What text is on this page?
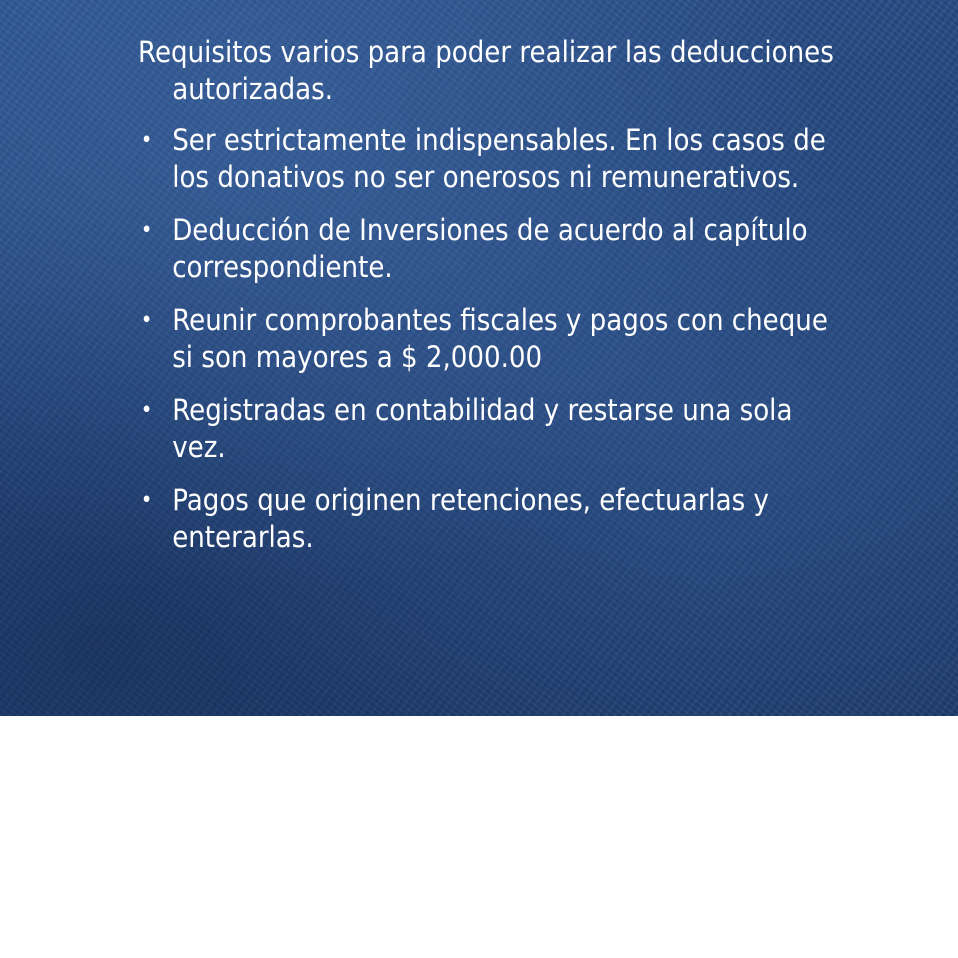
Requisitos varios para poder realizar las deducciones autorizadas.

• Ser estrictamente indispensables. En los casos de los donativos no ser onerosos ni remunerativos.
• Deducción de Inversiones de acuerdo al capítulo correspondiente.
• Reunir comprobantes fiscales y pagos con cheque si son mayores a $ 2,000.00
• Registradas en contabilidad y restarse una sola vez.
• Pagos que originen retenciones, efectuarlas y enterarlas.
